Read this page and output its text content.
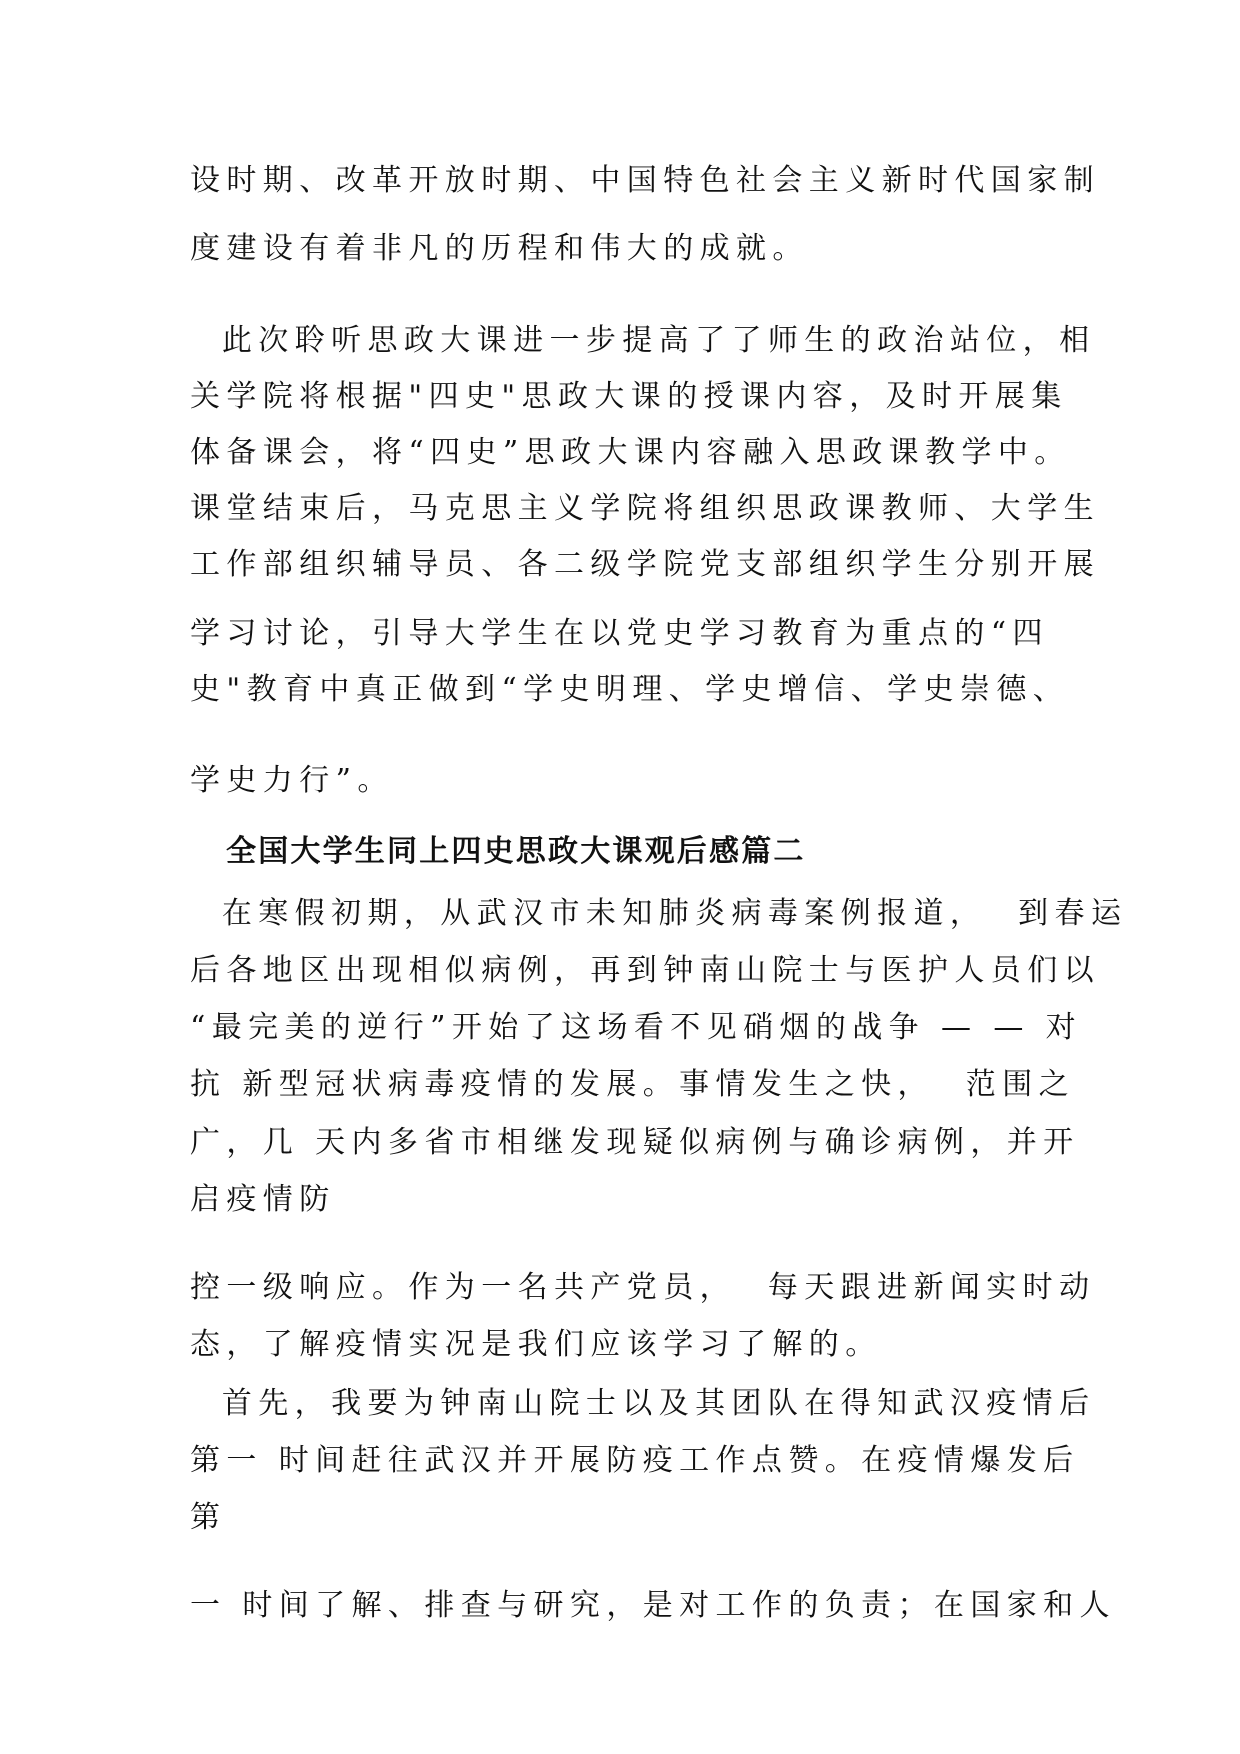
设时期、改革开放时期、中国特色社会主义新时代国家制
度建设有着非凡的历程和伟大的成就。
此次聆听思政大课进一步提高了了师生的政治站位，相
关学院将根据"四史"思政大课的授课内容，及时开展集
体备课会，将“四史”思政大课内容融入思政课教学中。
课堂结束后，马克思主义学院将组织思政课教师、大学生
工作部组织辅导员、各二级学院党支部组织学生分别开展
学习讨论，引导大学生在以党史学习教育为重点的“四
史"教育中真正做到“学史明理、学史增信、学史崇德、
学史力行”。
全国大学生同上四史思政大课观后感篇二
在寒假初期，从武汉市未知肺炎病毒案例报道，  到春运
后各地区出现相似病例，再到钟南山院士与医护人员们以
“最完美的逆行”开始了这场看不见硝烟的战争 — — 对
抗 新型冠状病毒疫情的发展。事情发生之快，  范围之
广，几 天内多省市相继发现疑似病例与确诊病例，并开
启疫情防
控一级响应。作为一名共产党员，  每天跟进新闻实时动
态，了解疫情实况是我们应该学习了解的。
首先，我要为钟南山院士以及其团队在得知武汉疫情后
第一 时间赶往武汉并开展防疫工作点赞。在疫情爆发后
第
一 时间了解、排查与研究，是对工作的负责；在国家和人
